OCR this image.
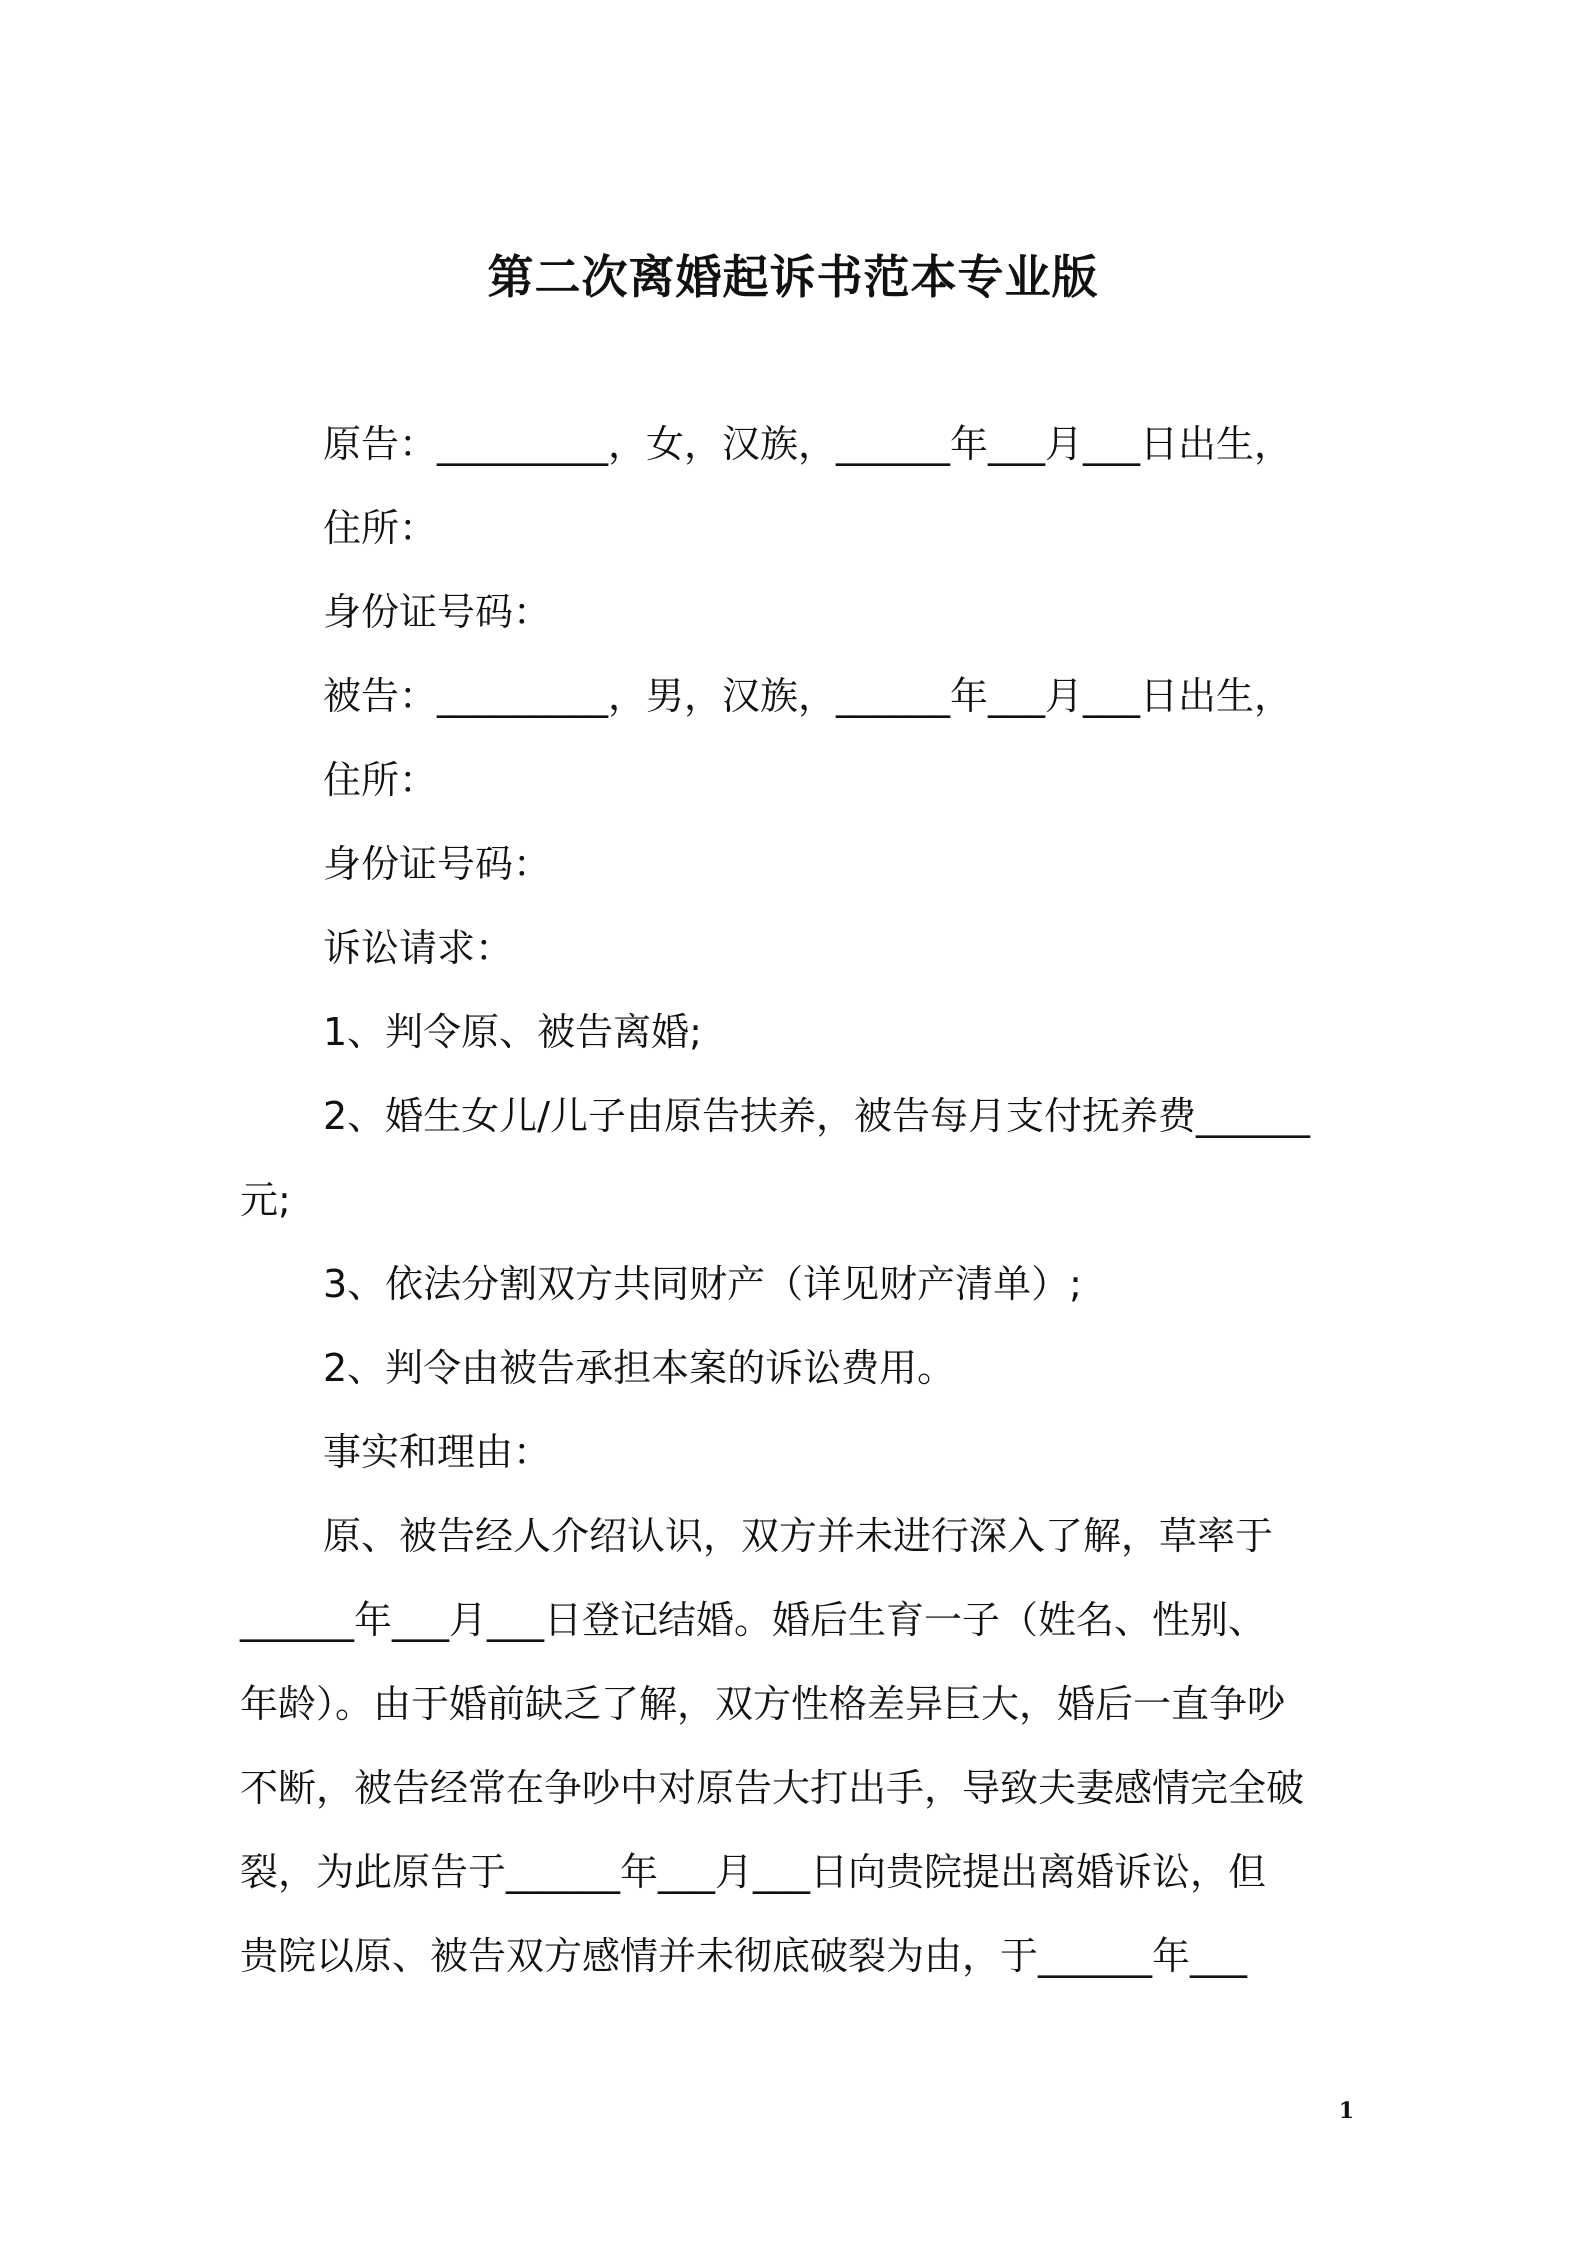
第二次离婚起诉书范本专业版
原告：_________，女，汉族，______年___月___日出生，
住所：
身份证号码：
被告：_________，男，汉族，______年___月___日出生，
住所：
身份证号码：
诉讼请求：
1、判令原、被告离婚;
2、婚生女儿/儿子由原告扶养，被告每月支付抚养费______
元;
3、依法分割双方共同财产（详见财产清单）;
2、判令由被告承担本案的诉讼费用。
事实和理由：
原、被告经人介绍认识，双方并未进行深入了解，草率于
______年___月___日登记结婚。婚后生育一子（姓名、性别、
年龄）。由于婚前缺乏了解，双方性格差异巨大，婚后一直争吵
不断，被告经常在争吵中对原告大打出手，导致夫妻感情完全破
裂，为此原告于______年___月___日向贵院提出离婚诉讼，但
贵院以原、被告双方感情并未彻底破裂为由，于______年___
1
